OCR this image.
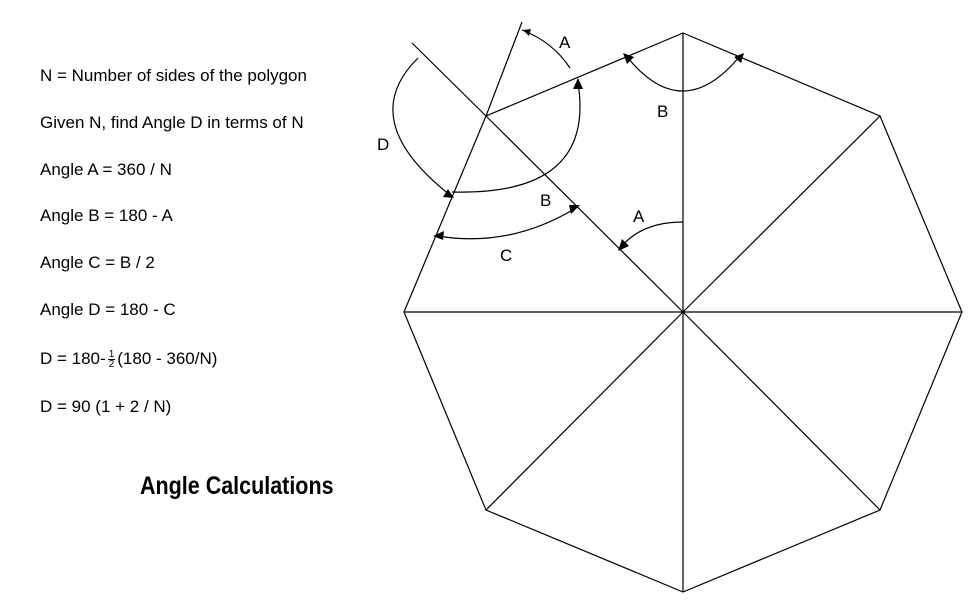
N = Number of sides of the polygon
Given N, find Angle D in terms of N
Angle A = 360 / N
Angle B = 180 - A
Angle C = B / 2
Angle D = 180 - C
$D = 180- \frac{1}{2} (180 - 360/N)$
D = 90 (1 + 2 / N)
Angle Calculations
A
B
D
B
C
A
